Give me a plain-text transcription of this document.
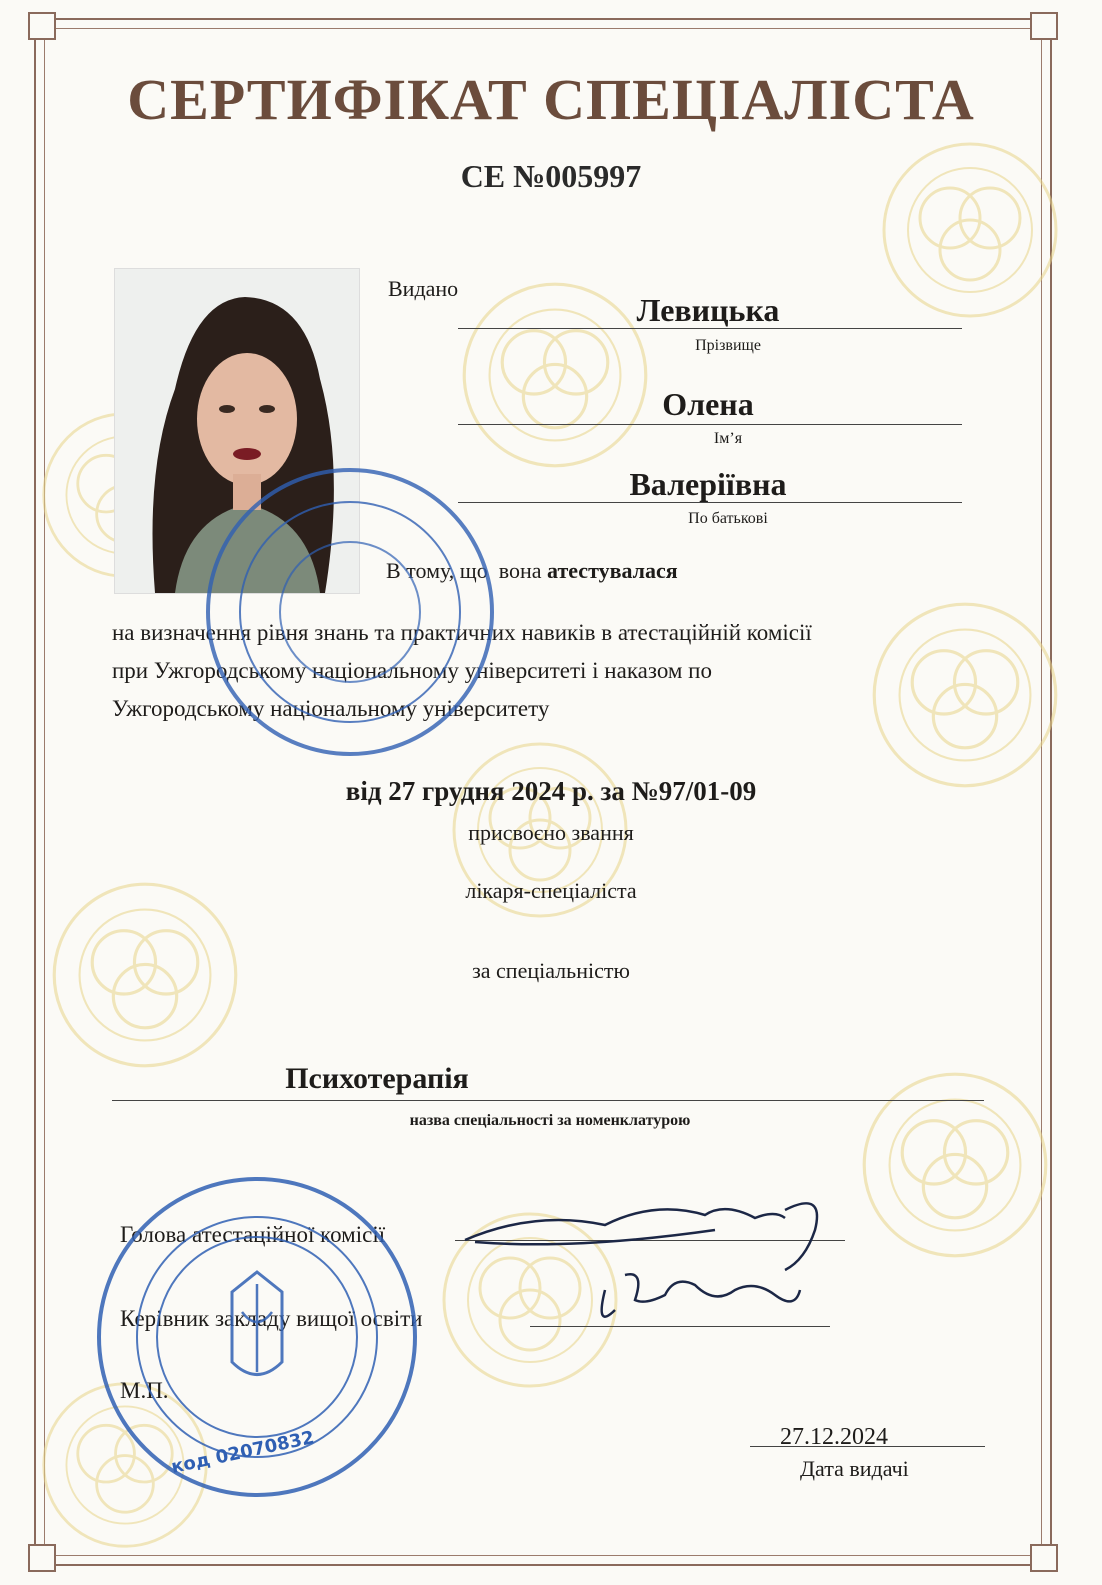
СЕРТИФІКАТ СПЕЦІАЛІСТА
СЕ №005997
Видано
Левицька
Прізвище
Олена
Ім’я
Валеріївна
По батькові
В тому, що вона атестувалася
на визначення рівня знань та практичних навиків в атестаційній комісії
при Ужгородському національному університеті і наказом по
Ужгородському національному університету
від 27 грудня 2024 р. за №97/01-09
присвоєно звання
лікаря-спеціаліста
за спеціальністю
Психотерапія
назва спеціальності за номенклатурою
Голова атестаційної комісії
Керівник закладу вищої освіти
М.П.
код 02070832	27.12.2024
Дата видачі
